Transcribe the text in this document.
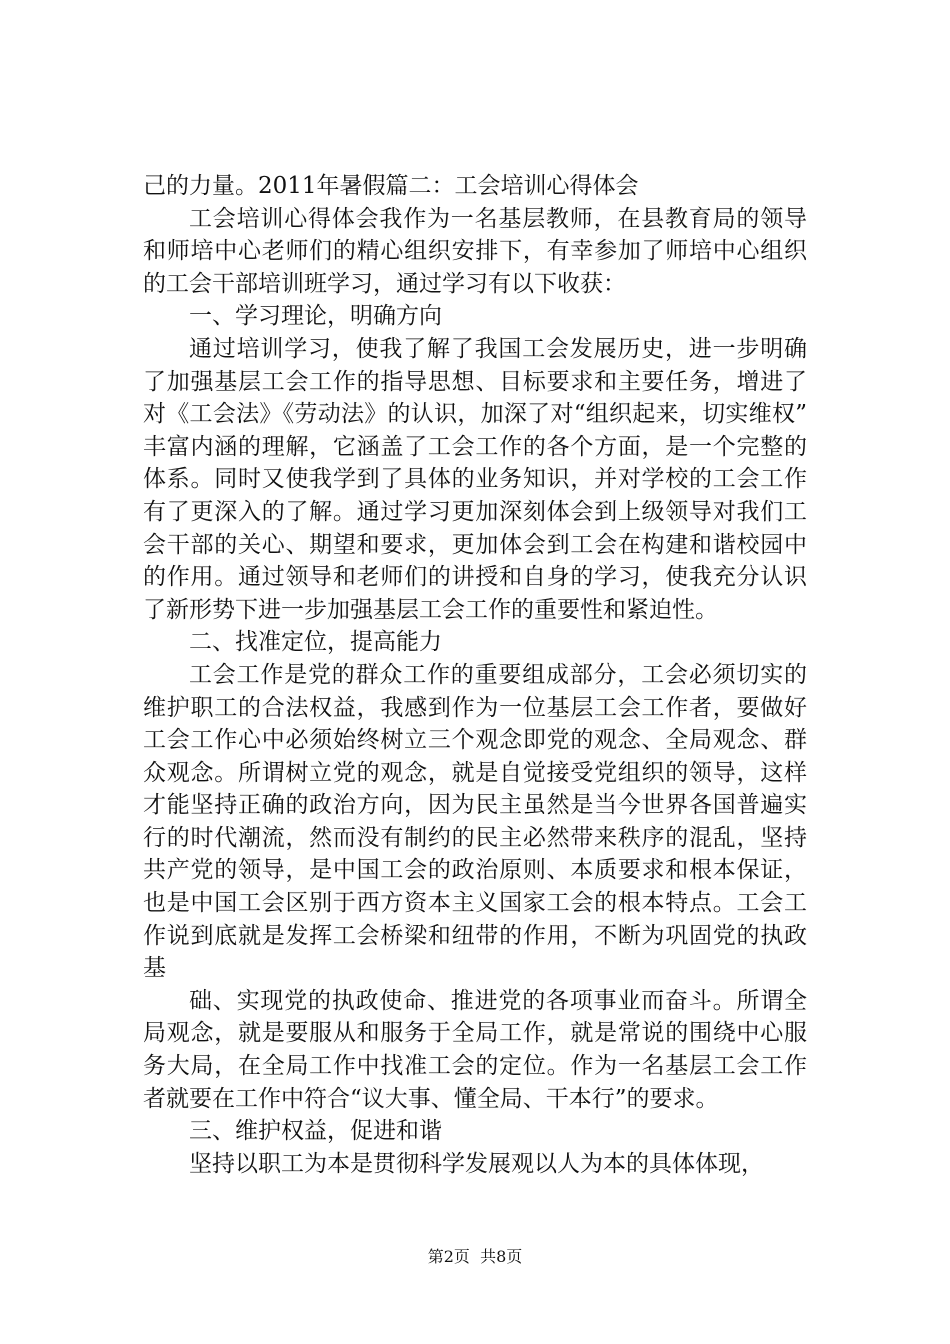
己的力量。2011年暑假篇二：工会培训心得体会

工会培训心得体会我作为一名基层教师，在县教育局的领导和师培中心老师们的精心组织安排下，有幸参加了师培中心组织的工会干部培训班学习，通过学习有以下收获：

一、学习理论，明确方向

通过培训学习，使我了解了我国工会发展历史，进一步明确了加强基层工会工作的指导思想、目标要求和主要任务，增进了对《工会法》《劳动法》的认识，加深了对“组织起来，切实维权”丰富内涵的理解，它涵盖了工会工作的各个方面，是一个完整的体系。同时又使我学到了具体的业务知识，并对学校的工会工作有了更深入的了解。通过学习更加深刻体会到上级领导对我们工会干部的关心、期望和要求，更加体会到工会在构建和谐校园中的作用。通过领导和老师们的讲授和自身的学习，使我充分认识了新形势下进一步加强基层工会工作的重要性和紧迫性。

二、找准定位，提高能力

工会工作是党的群众工作的重要组成部分，工会必须切实的维护职工的合法权益，我感到作为一位基层工会工作者，要做好工会工作心中必须始终树立三个观念即党的观念、全局观念、群众观念。所谓树立党的观念，就是自觉接受党组织的领导，这样才能坚持正确的政治方向，因为民主虽然是当今世界各国普遍实行的时代潮流，然而没有制约的民主必然带来秩序的混乱，坚持共产党的领导，是中国工会的政治原则、本质要求和根本保证，也是中国工会区别于西方资本主义国家工会的根本特点。工会工作说到底就是发挥工会桥梁和纽带的作用，不断为巩固党的执政基

础、实现党的执政使命、推进党的各项事业而奋斗。所谓全局观念，就是要服从和服务于全局工作，就是常说的围绕中心服务大局，在全局工作中找准工会的定位。作为一名基层工会工作者就要在工作中符合“议大事、懂全局、干本行”的要求。

三、维护权益，促进和谐

坚持以职工为本是贯彻科学发展观以人为本的具体体现，

第2页  共8页
